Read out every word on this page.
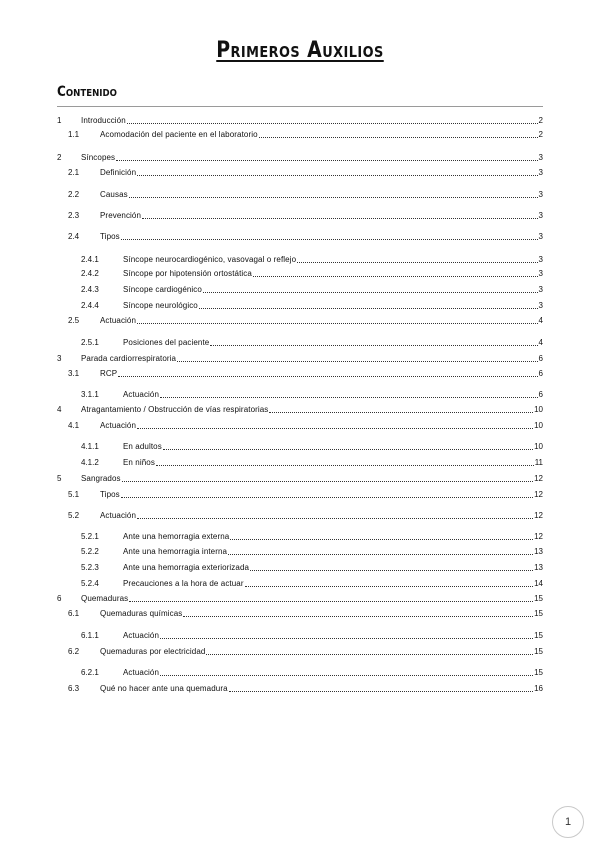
Primeros Auxilios
Contenido
1 Introducción	2
1.1	Acomodación del paciente en el laboratorio	2
2 Síncopes	3
2.1	Definición	3
2.2	Causas	3
2.3	Prevención	3
2.4	Tipos	3
2.4.1	Síncope neurocardiogénico, vasovagal o reflejo	3
2.4.2	Síncope por hipotensión ortostática	3
2.4.3	Síncope cardiogénico	3
2.4.4	Síncope neurológico	3
2.5	Actuación	4
2.5.1	Posiciones del paciente	4
3 Parada cardiorrespiratoria	6
3.1	RCP	6
3.1.1	Actuación	6
4 Atragantamiento / Obstrucción de vías respiratorias	10
4.1	Actuación	10
4.1.1	En adultos	10
4.1.2	En niños	11
5 Sangrados	12
5.1	Tipos	12
5.2	Actuación	12
5.2.1	Ante una hemorragia externa	12
5.2.2	Ante una hemorragia interna	13
5.2.3	Ante una hemorragia exteriorizada	13
5.2.4	Precauciones a la hora de actuar	14
6 Quemaduras	15
6.1	Quemaduras químicas	15
6.1.1	Actuación	15
6.2	Quemaduras por electricidad	15
6.2.1	Actuación	15
6.3	Qué no hacer ante una quemadura	16
1
